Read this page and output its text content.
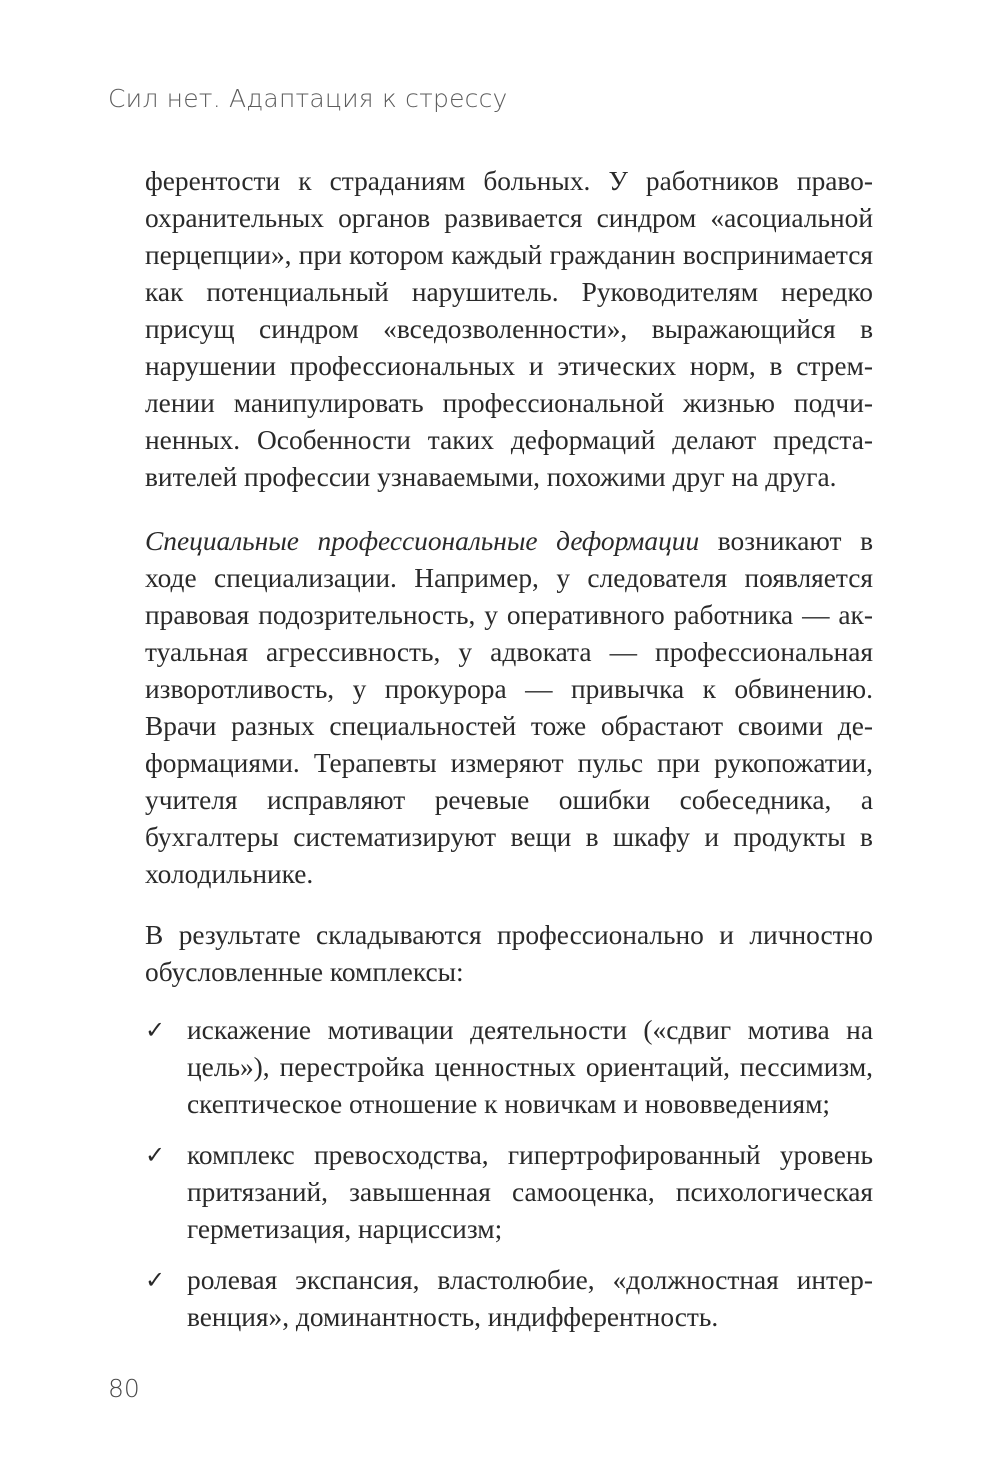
Сил нет. Адаптация к стрессу

ферентости к страданиям больных. У работников правоохранительных органов развивается синдром «асоциальной перцепции», при котором каждый гражданин воспринимается как потенциальный нарушитель. Руководителям нередко присущ синдром «вседозволенности», выражающийся в нарушении профессиональных и этических норм, в стремлении манипулировать профессиональной жизнью подчиненных. Особенности таких деформаций делают представителей профессии узнаваемыми, похожими друг на друга.

Специальные профессиональные деформации возникают в ходе специализации. Например, у следователя появляется правовая подозрительность, у оперативного работника — актуальная агрессивность, у адвоката — профессиональная изворотливость, у прокурора — привычка к обвинению. Врачи разных специальностей тоже обрастают своими деформациями. Терапевты измеряют пульс при рукопожатии, учителя исправляют речевые ошибки собеседника, а бухгалтеры систематизируют вещи в шкафу и продукты в холодильнике.

В результате складываются профессионально и личностно обусловленные комплексы:

✓ искажение мотивации деятельности («сдвиг мотива на цель»), перестройка ценностных ориентаций, пессимизм, скептическое отношение к новичкам и нововведениям;
✓ комплекс превосходства, гипертрофированный уровень притязаний, завышенная самооценка, психологическая герметизация, нарциссизм;
✓ ролевая экспансия, властолюбие, «должностная интервенция», доминантность, индифферентность.
80
